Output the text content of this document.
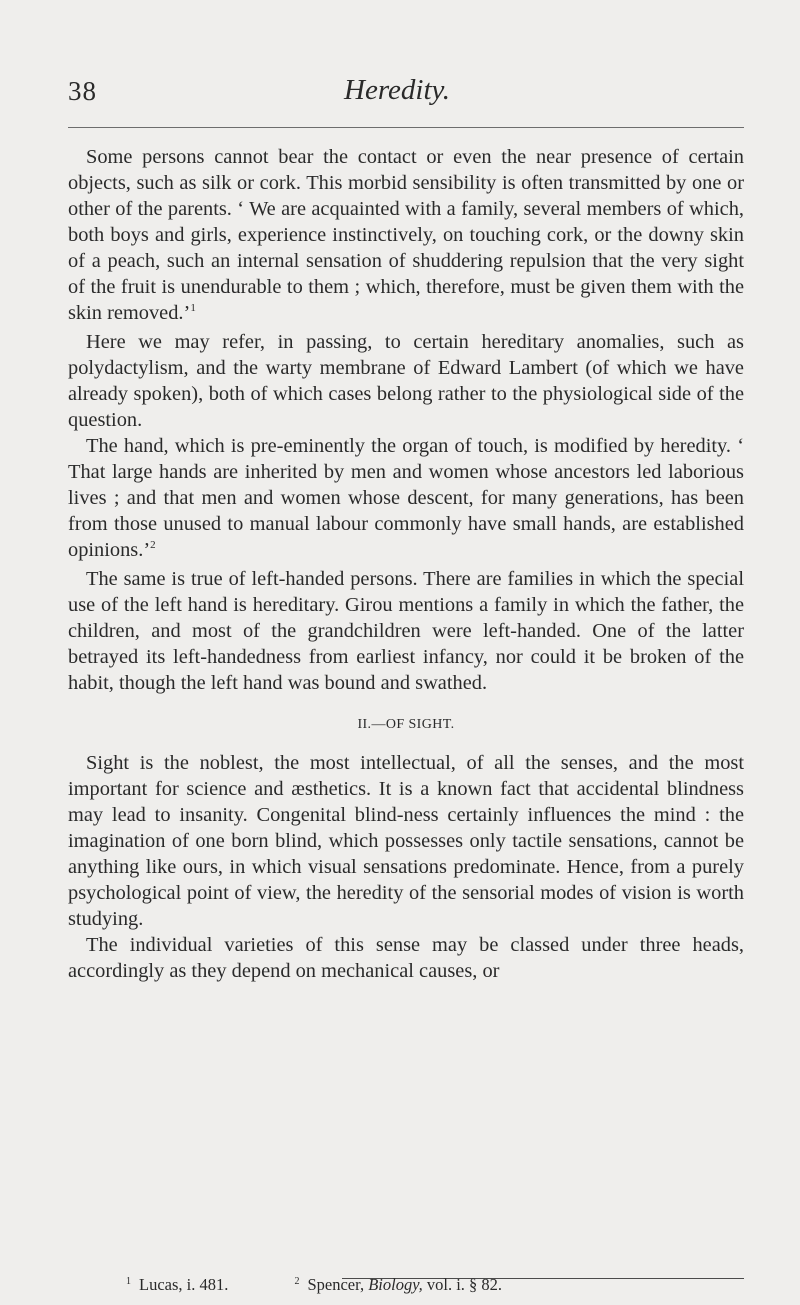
38	Heredity.

Some persons cannot bear the contact or even the near presence of certain objects, such as silk or cork. This morbid sensibility is often transmitted by one or other of the parents. ‘ We are acquainted with a family, several members of which, both boys and girls, experience instinctively, on touching cork, or the downy skin of a peach, such an internal sensation of shuddering repulsion that the very sight of the fruit is unendurable to them ; which, therefore, must be given them with the skin removed.’$^1$

Here we may refer, in passing, to certain hereditary anomalies, such as polydactylism, and the warty membrane of Edward Lambert (of which we have already spoken), both of which cases belong rather to the physiological side of the question.

The hand, which is pre-eminently the organ of touch, is modified by heredity. ‘ That large hands are inherited by men and women whose ancestors led laborious lives ; and that men and women whose descent, for many generations, has been from those unused to manual labour commonly have small hands, are established opinions.’$^2$

The same is true of left-handed persons. There are families in which the special use of the left hand is hereditary. Girou mentions a family in which the father, the children, and most of the grandchildren were left-handed. One of the latter betrayed its left-handedness from earliest infancy, nor could it be broken of the habit, though the left hand was bound and swathed.

II.—OF SIGHT.

Sight is the noblest, the most intellectual, of all the senses, and the most important for science and æsthetics. It is a known fact that accidental blindness may lead to insanity. Congenital blind-ness certainly influences the mind : the imagination of one born blind, which possesses only tactile sensations, cannot be anything like ours, in which visual sensations predominate. Hence, from a purely psychological point of view, the heredity of the sensorial modes of vision is worth studying.

The individual varieties of this sense may be classed under three heads, accordingly as they depend on mechanical causes, or

$^1$ Lucas, i. 481.	$^2$ Spencer, Biology, vol. i. § 82.
